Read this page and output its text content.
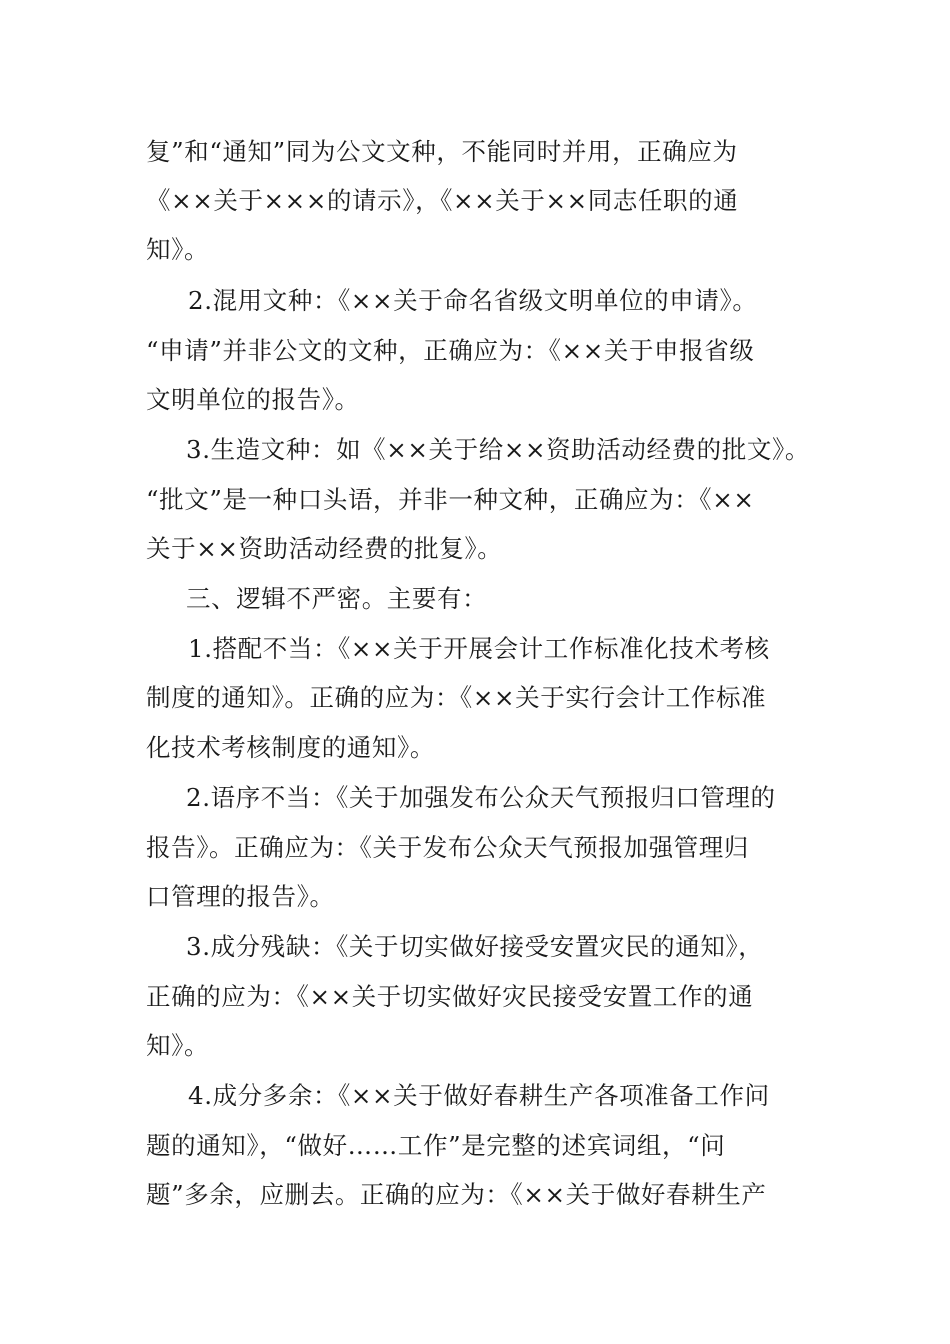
复”和“通知”同为公文文种，不能同时并用，正确应为
《××关于×××的请示》，《××关于××同志任职的通
知》。
2.混用文种：《××关于命名省级文明单位的申请》。
“申请”并非公文的文种，正确应为：《××关于申报省级
文明单位的报告》。
3.生造文种：如《××关于给××资助活动经费的批文》。
“批文”是一种口头语，并非一种文种，正确应为：《××
关于××资助活动经费的批复》。
三、逻辑不严密。主要有：
1.搭配不当：《××关于开展会计工作标准化技术考核
制度的通知》。正确的应为：《××关于实行会计工作标准
化技术考核制度的通知》。
2.语序不当：《关于加强发布公众天气预报归口管理的
报告》。正确应为：《关于发布公众天气预报加强管理归
口管理的报告》。
3.成分残缺：《关于切实做好接受安置灾民的通知》，
正确的应为：《××关于切实做好灾民接受安置工作的通
知》。
4.成分多余：《××关于做好春耕生产各项准备工作问
题的通知》，“做好……工作”是完整的述宾词组，“问
题”多余，应删去。正确的应为：《××关于做好春耕生产
